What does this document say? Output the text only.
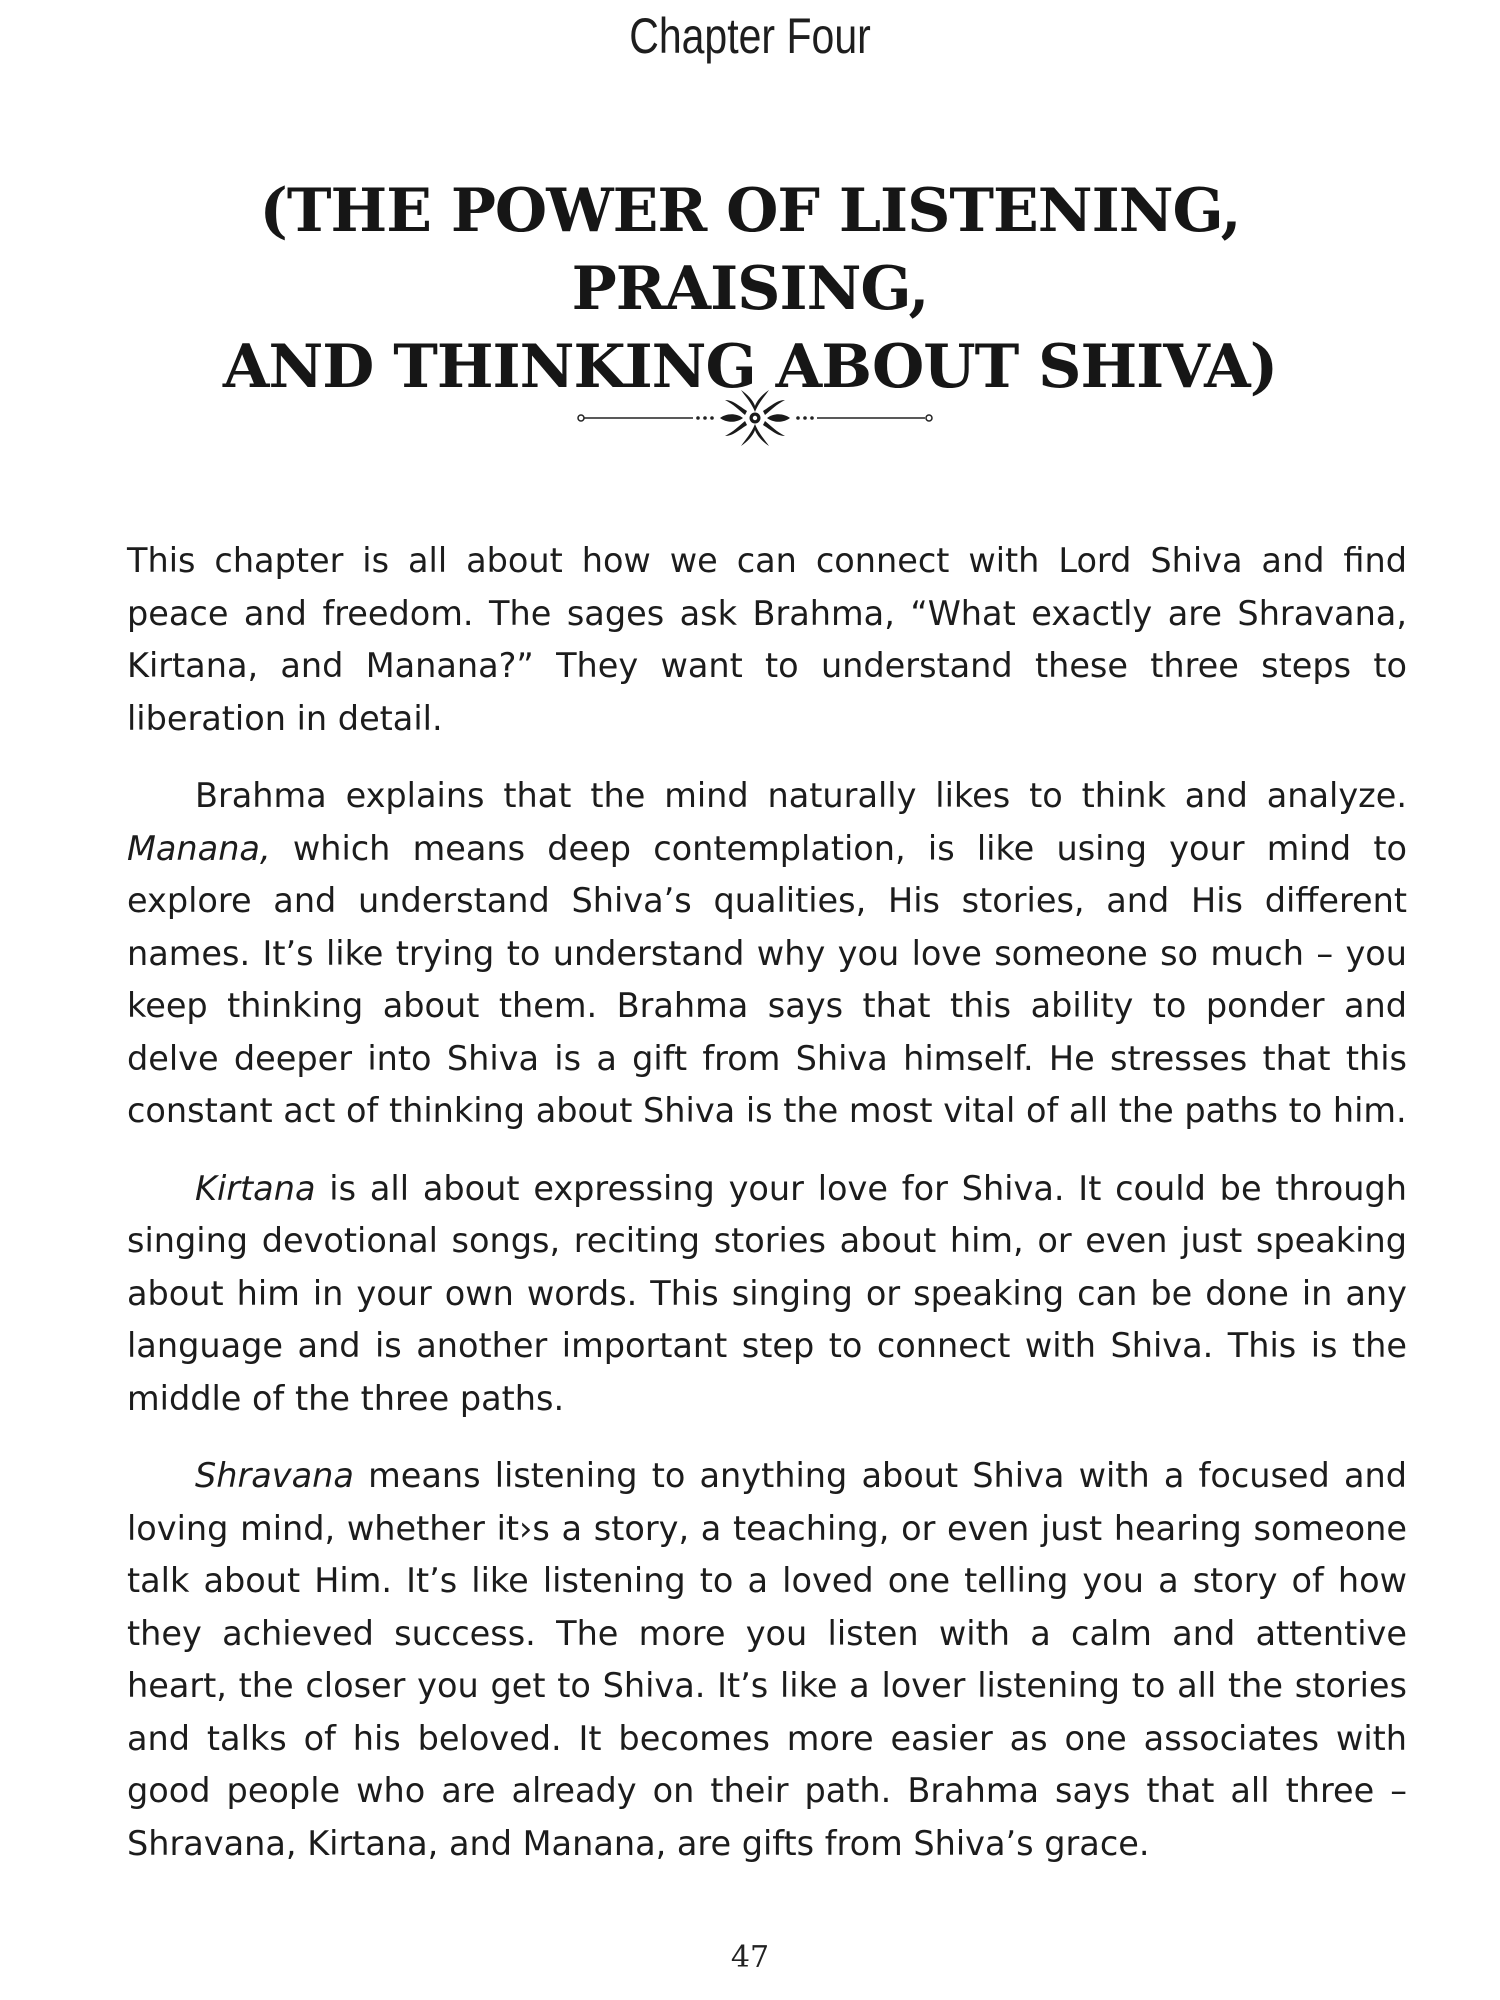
Chapter Four
(THE POWER OF LISTENING, PRAISING,
AND THINKING ABOUT SHIVA)

This chapter is all about how we can connect with Lord Shiva and find peace and freedom. The sages ask Brahma, “What exactly are Shravana, Kirtana, and Manana?” They want to understand these three steps to liberation in detail.

Brahma explains that the mind naturally likes to think and analyze. Manana, which means deep contemplation, is like using your mind to explore and understand Shiva’s qualities, His stories, and His different names. It’s like trying to understand why you love someone so much – you keep thinking about them. Brahma says that this ability to ponder and delve deeper into Shiva is a gift from Shiva himself. He stresses that this constant act of thinking about Shiva is the most vital of all the paths to him.

Kirtana is all about expressing your love for Shiva. It could be through singing devotional songs, reciting stories about him, or even just speaking about him in your own words. This singing or speaking can be done in any language and is another important step to connect with Shiva. This is the middle of the three paths.

Shravana means listening to anything about Shiva with a focused and loving mind, whether it›s a story, a teaching, or even just hearing someone talk about Him. It’s like listening to a loved one telling you a story of how they achieved success. The more you listen with a calm and attentive heart, the closer you get to Shiva. It’s like a lover listening to all the stories and talks of his beloved. It becomes more easier as one associates with good people who are already on their path. Brahma says that all three – Shravana, Kirtana, and Manana, are gifts from Shiva’s grace.

47
